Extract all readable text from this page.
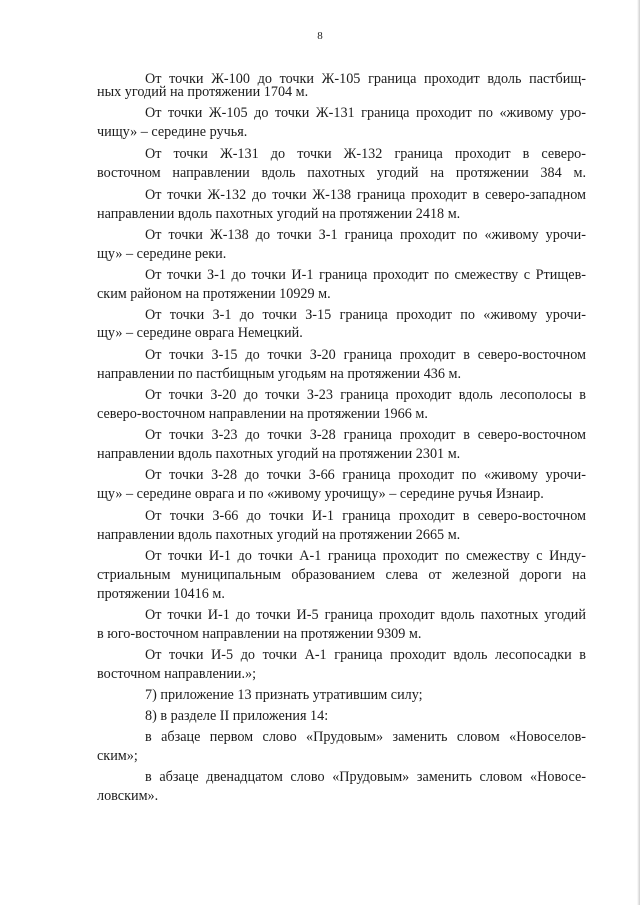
8
От точки Ж-100 до точки Ж-105 граница проходит вдоль пастбищ-
ных угодий на протяжении 1704 м.
От точки Ж-105 до точки Ж-131 граница проходит по «живому уро-
чищу» – середине ручья.
От точки Ж-131 до точки Ж-132 граница проходит в северо-
восточном направлении вдоль пахотных угодий на протяжении 384 м.
От точки Ж-132 до точки Ж-138 граница проходит в северо-западном
направлении вдоль пахотных угодий на протяжении 2418 м.
От точки Ж-138 до точки З-1 граница проходит по «живому урочи-
щу» – середине реки.
От точки З-1 до точки И-1 граница проходит по смежеству с Ртищев-
ским районом на протяжении 10929 м.
От точки З-1 до точки З-15 граница проходит по «живому урочи-
щу» – середине оврага Немецкий.
От точки З-15 до точки З-20 граница проходит в северо-восточном
направлении по пастбищным угодьям на протяжении 436 м.
От точки З-20 до точки З-23 граница проходит вдоль лесополосы в
северо-восточном направлении на протяжении 1966 м.
От точки З-23 до точки З-28 граница проходит в северо-восточном
направлении вдоль пахотных угодий на протяжении 2301 м.
От точки З-28 до точки З-66 граница проходит по «живому урочи-
щу» – середине оврага и по «живому урочищу» – середине ручья Изнаир.
От точки З-66 до точки И-1 граница проходит в северо-восточном
направлении вдоль пахотных угодий на протяжении 2665 м.
От точки И-1 до точки А-1 граница проходит по смежеству с Инду-
стриальным муниципальным образованием слева от железной дороги на
протяжении 10416 м.
От точки И-1 до точки И-5 граница проходит вдоль пахотных угодий
в юго-восточном направлении на протяжении 9309 м.
От точки И-5 до точки А-1 граница проходит вдоль лесопосадки в
восточном направлении.»;
7) приложение 13 признать утратившим силу;
8) в разделе II приложения 14:
в абзаце первом слово «Прудовым» заменить словом «Новоселов-
ским»;
в абзаце двенадцатом слово «Прудовым» заменить словом «Новосе-
ловским».
